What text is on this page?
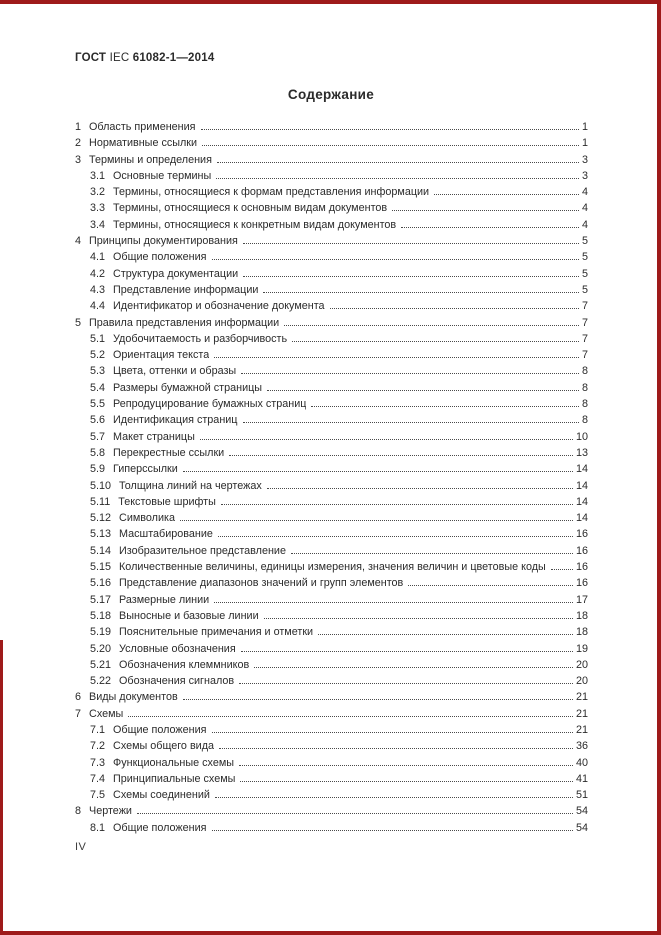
ГОСТ IEC 61082-1—2014
Содержание
1 Область применения	1
2 Нормативные ссылки	1
3 Термины и определения	3
3.1 Основные термины	3
3.2 Термины, относящиеся к формам представления информации	4
3.3 Термины, относящиеся к основным видам документов	4
3.4 Термины, относящиеся к конкретным видам документов	4
4 Принципы документирования	5
4.1 Общие положения	5
4.2 Структура документации	5
4.3 Представление информации	5
4.4 Идентификатор и обозначение документа	7
5 Правила представления информации	7
5.1 Удобочитаемость и разборчивость	7
5.2 Ориентация текста	7
5.3 Цвета, оттенки и образы	8
5.4 Размеры бумажной страницы	8
5.5 Репродуцирование бумажных страниц	8
5.6 Идентификация страниц	8
5.7 Макет страницы	10
5.8 Перекрестные ссылки	13
5.9 Гиперссылки	14
5.10 Толщина линий на чертежах	14
5.11 Текстовые шрифты	14
5.12 Символика	14
5.13 Масштабирование	16
5.14 Изобразительное представление	16
5.15 Количественные величины, единицы измерения, значения величин и цветовые коды	16
5.16 Представление диапазонов значений и групп элементов	16
5.17 Размерные линии	17
5.18 Выносные и базовые линии	18
5.19 Пояснительные примечания и отметки	18
5.20 Условные обозначения	19
5.21 Обозначения клеммников	20
5.22 Обозначения сигналов	20
6 Виды документов	21
7 Схемы	21
7.1 Общие положения	21
7.2 Схемы общего вида	36
7.3 Функциональные схемы	40
7.4 Принципиальные схемы	41
7.5 Схемы соединений	51
8 Чертежи	54
8.1 Общие положения	54
IV
